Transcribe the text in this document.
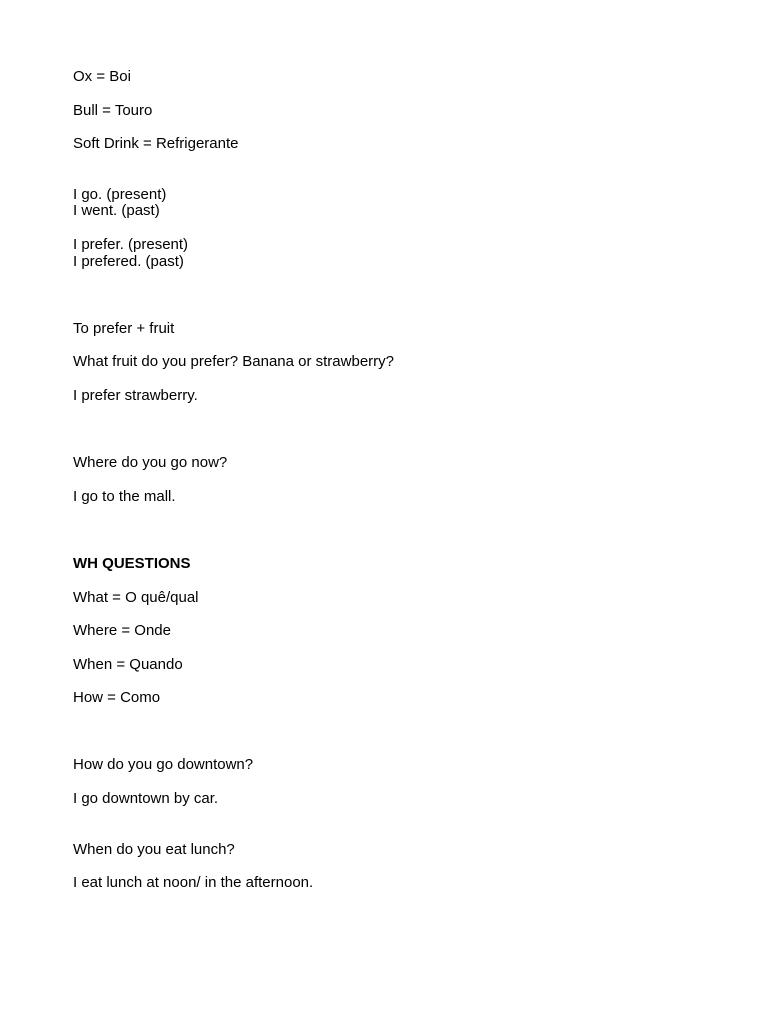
Ox = Boi
Bull = Touro
Soft Drink = Refrigerante
I go. (present)
I went. (past)
I prefer. (present)
I prefered. (past)
To prefer + fruit
What fruit do you prefer? Banana or strawberry?
I prefer strawberry.
Where do you go now?
I go to the mall.
WH QUESTIONS
What = O quê/qual
Where = Onde
When = Quando
How = Como
How do you go downtown?
I go downtown by car.
When do you eat lunch?
I eat lunch at noon/ in the afternoon.
